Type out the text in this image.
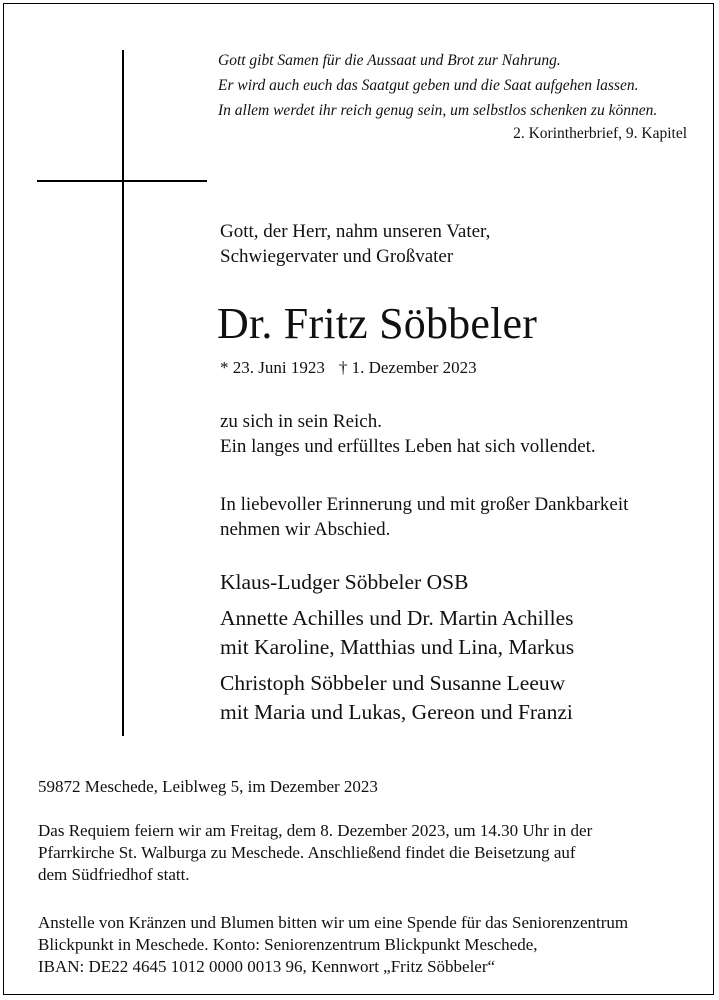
Gott gibt Samen für die Aussaat und Brot zur Nahrung.
Er wird auch euch das Saatgut geben und die Saat aufgehen lassen.
In allem werdet ihr reich genug sein, um selbstlos schenken zu können.
2. Korintherbrief, 9. Kapitel
Gott, der Herr, nahm unseren Vater,
Schwiegervater und Großvater
Dr. Fritz Söbbeler
* 23. Juni 1923 † 1. Dezember 2023
zu sich in sein Reich.
Ein langes und erfülltes Leben hat sich vollendet.
In liebevoller Erinnerung und mit großer Dankbarkeit
nehmen wir Abschied.
Klaus-Ludger Söbbeler OSB
Annette Achilles und Dr. Martin Achilles
mit Karoline, Matthias und Lina, Markus
Christoph Söbbeler und Susanne Leeuw
mit Maria und Lukas, Gereon und Franzi
59872 Meschede, Leiblweg 5, im Dezember 2023
Das Requiem feiern wir am Freitag, dem 8. Dezember 2023, um 14.30 Uhr in der
Pfarrkirche St. Walburga zu Meschede. Anschließend findet die Beisetzung auf
dem Südfriedhof statt.
Anstelle von Kränzen und Blumen bitten wir um eine Spende für das Seniorenzentrum
Blickpunkt in Meschede. Konto: Seniorenzentrum Blickpunkt Meschede,
IBAN: DE22 4645 1012 0000 0013 96, Kennwort „Fritz Söbbeler“
